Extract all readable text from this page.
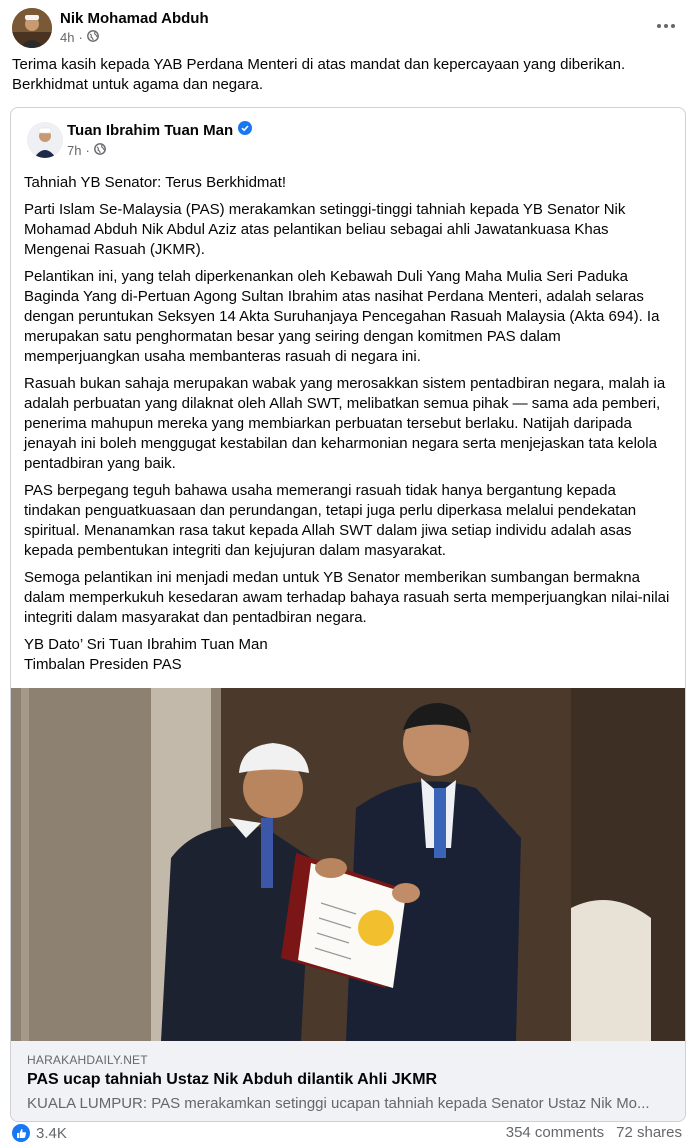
Nik Mohamad Abduh
4h ·
Terima kasih kepada YAB Perdana Menteri di atas mandat dan kepercayaan yang diberikan.
Berkhidmat untuk agama dan negara.
Tuan Ibrahim Tuan Man
7h ·

Tahniah YB Senator: Terus Berkhidmat!

Parti Islam Se-Malaysia (PAS) merakamkan setinggi-tinggi tahniah kepada YB Senator Nik Mohamad Abduh Nik Abdul Aziz atas pelantikan beliau sebagai ahli Jawatankuasa Khas Mengenai Rasuah (JKMR).

Pelantikan ini, yang telah diperkenankan oleh Kebawah Duli Yang Maha Mulia Seri Paduka Baginda Yang di-Pertuan Agong Sultan Ibrahim atas nasihat Perdana Menteri, adalah selaras dengan peruntukan Seksyen 14 Akta Suruhanjaya Pencegahan Rasuah Malaysia (Akta 694). Ia merupakan satu penghormatan besar yang seiring dengan komitmen PAS dalam memperjuangkan usaha membanteras rasuah di negara ini.

Rasuah bukan sahaja merupakan wabak yang merosakkan sistem pentadbiran negara, malah ia adalah perbuatan yang dilaknat oleh Allah SWT, melibatkan semua pihak — sama ada pemberi, penerima mahupun mereka yang membiarkan perbuatan tersebut berlaku. Natijah daripada jenayah ini boleh menggugat kestabilan dan keharmonian negara serta menjejaskan tata kelola pentadbiran yang baik.

PAS berpegang teguh bahawa usaha memerangi rasuah tidak hanya bergantung kepada tindakan penguatkuasaan dan perundangan, tetapi juga perlu diperkasa melalui pendekatan spiritual. Menanamkan rasa takut kepada Allah SWT dalam jiwa setiap individu adalah asas kepada pembentukan integriti dan kejujuran dalam masyarakat.

Semoga pelantikan ini menjadi medan untuk YB Senator memberikan sumbangan bermakna dalam memperkukuh kesedaran awam terhadap bahaya rasuah serta memperjuangkan nilai-nilai integriti dalam masyarakat dan pentadbiran negara.

YB Dato’ Sri Tuan Ibrahim Tuan Man
Timbalan Presiden PAS
HARAKAHDAILY.NET
PAS ucap tahniah Ustaz Nik Abduh dilantik Ahli JKMR
KUALA LUMPUR: PAS merakamkan setinggi ucapan tahniah kepada Senator Ustaz Nik Mo...
3.4K	354 comments 72 shares
